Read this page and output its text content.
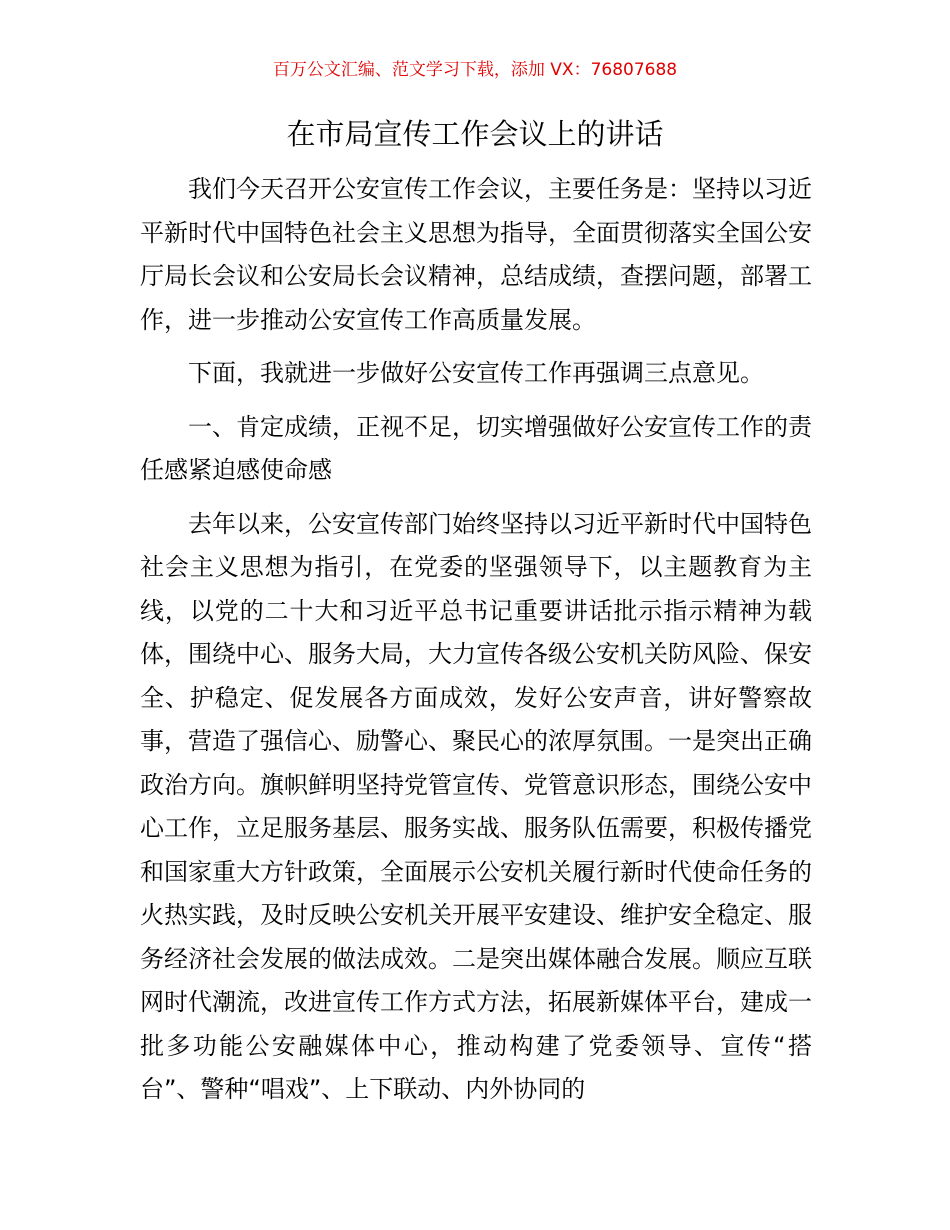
百万公文汇编、范文学习下载，添加 VX：76807688
在市局宣传工作会议上的讲话

我们今天召开公安宣传工作会议，主要任务是：坚持以习近平新时代中国特色社会主义思想为指导，全面贯彻落实全国公安厅局长会议和公安局长会议精神，总结成绩，查摆问题，部署工作，进一步推动公安宣传工作高质量发展。

下面，我就进一步做好公安宣传工作再强调三点意见。

一、肯定成绩，正视不足，切实增强做好公安宣传工作的责任感紧迫感使命感

去年以来，公安宣传部门始终坚持以习近平新时代中国特色社会主义思想为指引，在党委的坚强领导下，以主题教育为主线，以党的二十大和习近平总书记重要讲话批示指示精神为载体，围绕中心、服务大局，大力宣传各级公安机关防风险、保安全、护稳定、促发展各方面成效，发好公安声音，讲好警察故事，营造了强信心、励警心、聚民心的浓厚氛围。一是突出正确政治方向。旗帜鲜明坚持党管宣传、党管意识形态，围绕公安中心工作，立足服务基层、服务实战、服务队伍需要，积极传播党和国家重大方针政策，全面展示公安机关履行新时代使命任务的火热实践，及时反映公安机关开展平安建设、维护安全稳定、服务经济社会发展的做法成效。二是突出媒体融合发展。顺应互联网时代潮流，改进宣传工作方式方法，拓展新媒体平台，建成一批多功能公安融媒体中心，推动构建了党委领导、宣传“搭台”、警种“唱戏”、上下联动、内外协同的
